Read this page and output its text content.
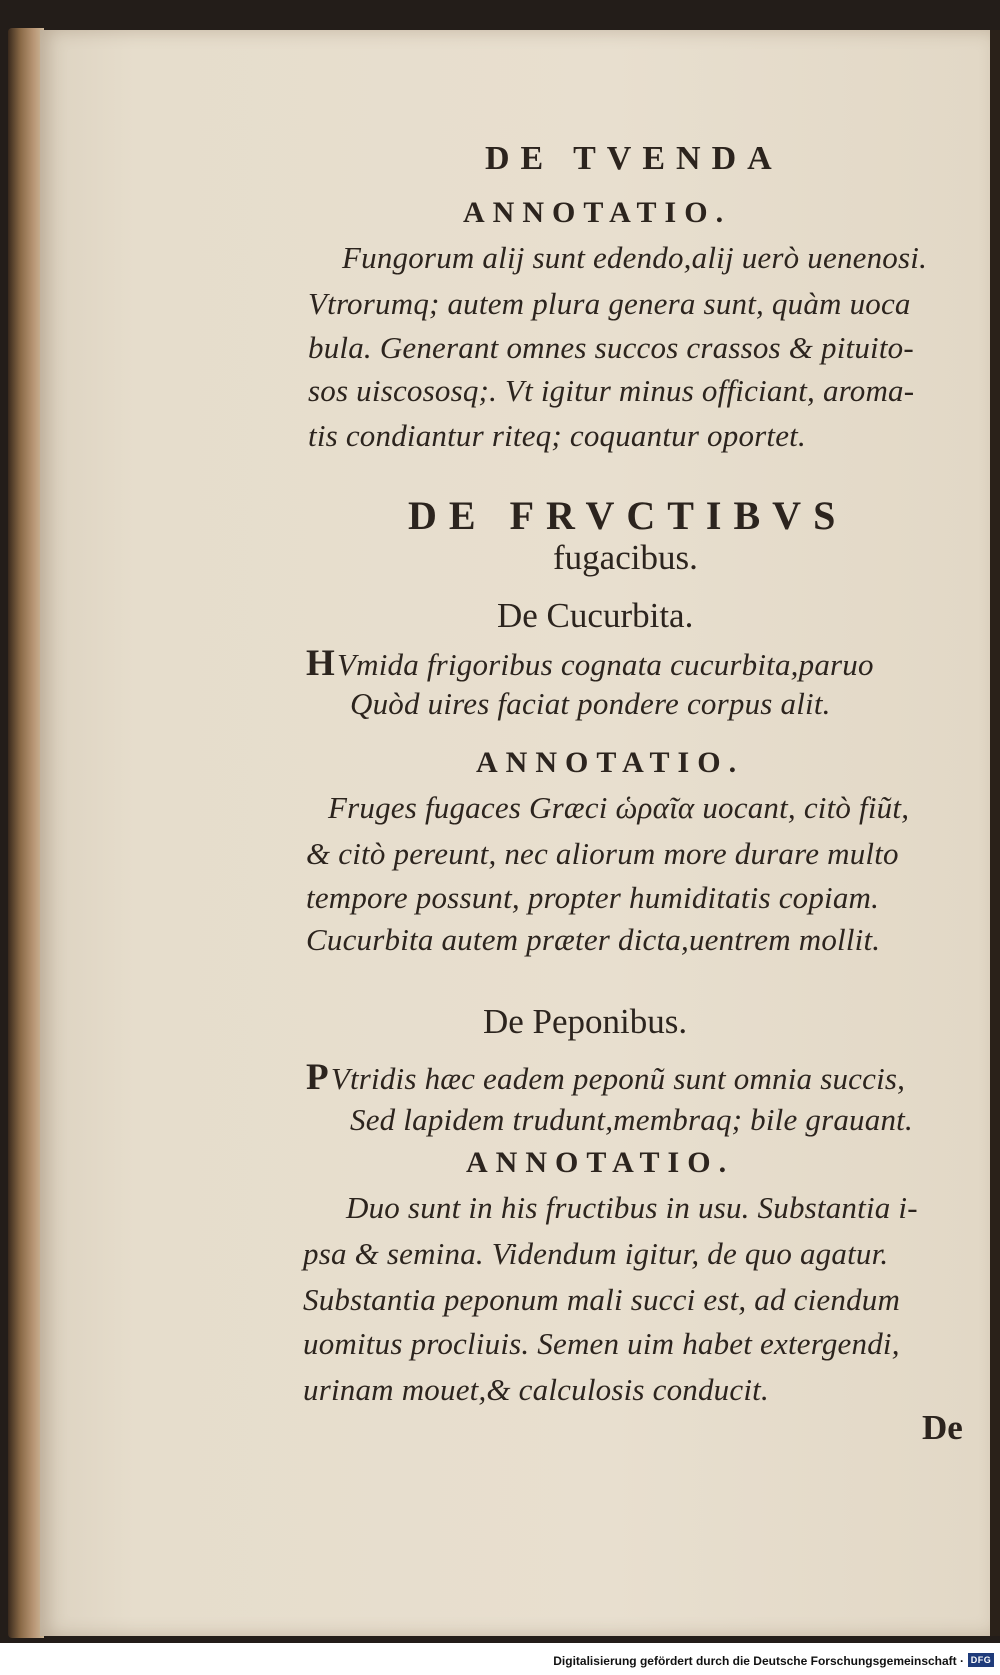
DE TVENDA
ANNOTATIO.
Fungorum alij sunt edendo,alij uerò uenenosi.
Vtrorumq; autem plura genera sunt, quàm uoca
bula. Generant omnes succos crassos & pituito-
sos uiscososq;. Vt igitur minus officiant, aroma-
tis condiantur riteq; coquantur oportet.
DE FRVCTIBVS
fugacibus.
De Cucurbita.
HVmida frigoribus cognata cucurbita,paruo
Quòd uires faciat pondere corpus alit.
ANNOTATIO.
Fruges fugaces Græci ὡραῖα uocant, citò fiũt,
& citò pereunt, nec aliorum more durare multo
tempore possunt, propter humiditatis copiam.
Cucurbita autem præter dicta,uentrem mollit.
De Peponibus.
PVtridis hæc eadem peponũ sunt omnia succis,
Sed lapidem trudunt,membraq; bile grauant.
ANNOTATIO.
Duo sunt in his fructibus in usu. Substantia i-
psa & semina. Videndum igitur, de quo agatur.
Substantia peponum mali succi est, ad ciendum
uomitus procliuis. Semen uim habet extergendi,
urinam mouet,& calculosis conducit.
De
Digitalisierung gefördert durch die Deutsche Forschungsgemeinschaft · DFG
